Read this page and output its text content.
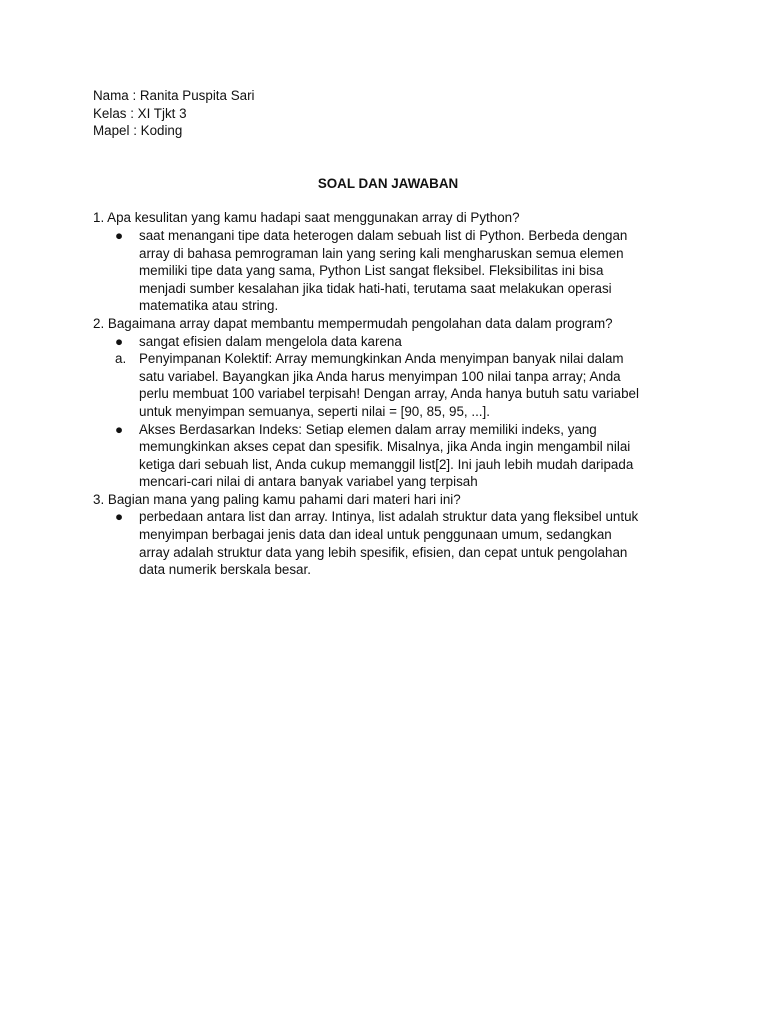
Nama : Ranita Puspita Sari
Kelas : XI Tjkt 3
Mapel : Koding
SOAL DAN JAWABAN
1. Apa kesulitan yang kamu hadapi saat menggunakan array di Python?
●	saat menangani tipe data heterogen dalam sebuah list di Python. Berbeda dengan
array di bahasa pemrograman lain yang sering kali mengharuskan semua elemen
memiliki tipe data yang sama, Python List sangat fleksibel. Fleksibilitas ini bisa
menjadi sumber kesalahan jika tidak hati-hati, terutama saat melakukan operasi
matematika atau string.
2. Bagaimana array dapat membantu mempermudah pengolahan data dalam program?
●	sangat efisien dalam mengelola data karena
a. Penyimpanan Kolektif: Array memungkinkan Anda menyimpan banyak nilai dalam
satu variabel. Bayangkan jika Anda harus menyimpan 100 nilai tanpa array; Anda
perlu membuat 100 variabel terpisah! Dengan array, Anda hanya butuh satu variabel
untuk menyimpan semuanya, seperti nilai = [90, 85, 95, ...].
●	Akses Berdasarkan Indeks: Setiap elemen dalam array memiliki indeks, yang
memungkinkan akses cepat dan spesifik. Misalnya, jika Anda ingin mengambil nilai
ketiga dari sebuah list, Anda cukup memanggil list[2]. Ini jauh lebih mudah daripada
mencari-cari nilai di antara banyak variabel yang terpisah
3. Bagian mana yang paling kamu pahami dari materi hari ini?
●	perbedaan antara list dan array. Intinya, list adalah struktur data yang fleksibel untuk
menyimpan berbagai jenis data dan ideal untuk penggunaan umum, sedangkan
array adalah struktur data yang lebih spesifik, efisien, dan cepat untuk pengolahan
data numerik berskala besar.
